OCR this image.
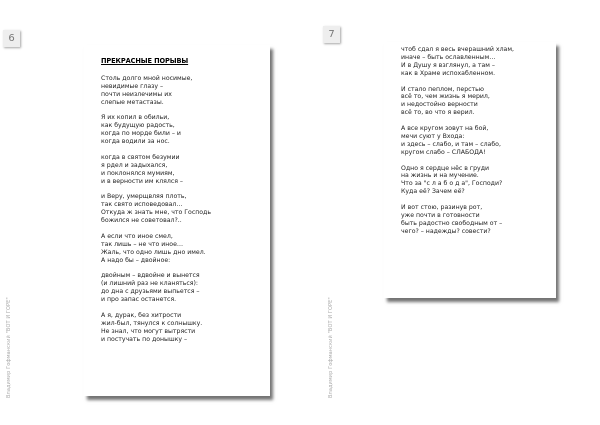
6
Владимир Гофманский "ВОТ И ГОРЕ"
ПРЕКРАСНЫЕ ПОРЫВЫ
Столь долго мной носимые,
невидимые глазу –
почти неизлечимы их
слепые метастазы.
Я их копил в обильи,
как будущую радость,
когда по морде били – и
когда водили за нос.
когда в святом безумии
я рдел и задыхался,
и поклонялся мумиям,
и в верности им клялся –
и Веру, умерщвляя плоть,
так свято исповедовал…
Откуда ж знать мне, что Господь
божился не советовал?..
А если что иное смел,
так лишь – не что иное…
Жаль, что одно лишь дно имел.
А надо бы – двойное:
двойным – вдвойне и вынется
(и лишний раз не кланяться):
до дна с друзьями выпьется –
и про запас останется.
А я, дурак, без хитрости
жил-был, тянулся к солнышку.
Не знал, что могут вытрясти
и постучать по донышку –
7
Владимир Гофманский "ВОТ И ГОРЕ"
чтоб сдал я весь вчерашний хлам,
иначе – быть ославленным…
И в Душу я взглянул, а там –
как в Храме испохабленном.
И стало пеплом, перстью
всё то, чем жизнь я мерил,
и недостойно верности
всё то, во что я верил.
А все кругом зовут на бой,
мечи суют у Входа:
и здесь – слабо, и там – слабо,
кругом слабо – СЛАБОДА!
Одно я сердце нёс в груди
на жизнь и на мучение.
Что за "с л а б о д а", Господи?
Куда её? Зачем её?
И вот стою, разинув рот,
уже почти в готовности
быть радостно свободным от –
чего? – надежды? совести?
